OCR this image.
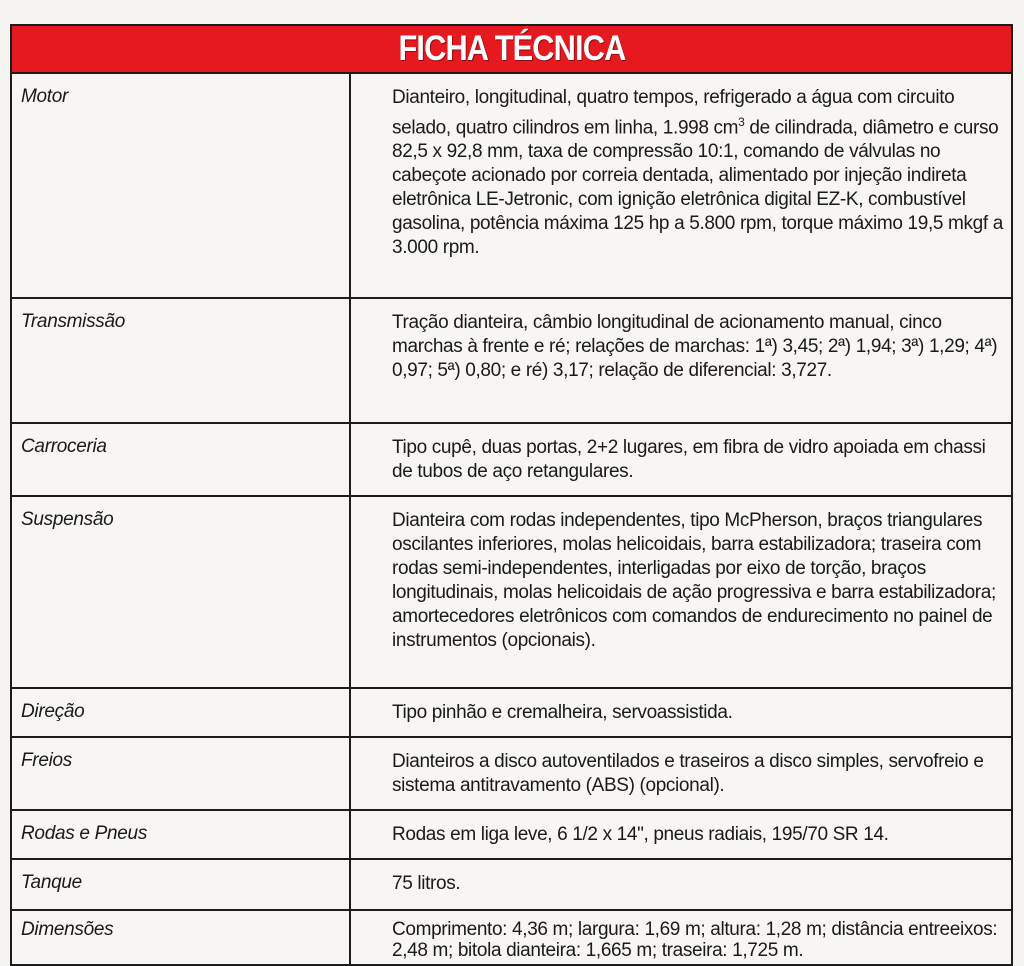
FICHA TÉCNICA
Motor	Dianteiro, longitudinal, quatro tempos, refrigerado a água com circuito selado, quatro cilindros em linha, 1.998 $cm^3$ de cilindrada, diâmetro e curso 82,5 x 92,8 mm, taxa de compressão 10:1, comando de válvulas no cabeçote acionado por correia dentada, alimentado por injeção indireta eletrônica LE-Jetronic, com ignição eletrônica digital EZ-K, combustível gasolina, potência máxima 125 hp a 5.800 rpm, torque máximo 19,5 mkgf a 3.000 rpm.
Transmissão	Tração dianteira, câmbio longitudinal de acionamento manual, cinco marchas à frente e ré; relações de marchas: 1ª) 3,45; 2ª) 1,94; 3ª) 1,29; 4ª) 0,97; 5ª) 0,80; e ré) 3,17; relação de diferencial: 3,727.
Carroceria	Tipo cupê, duas portas, 2+2 lugares, em fibra de vidro apoiada em chassi de tubos de aço retangulares.
Suspensão	Dianteira com rodas independentes, tipo McPherson, braços triangulares oscilantes inferiores, molas helicoidais, barra estabilizadora; traseira com rodas semi-independentes, interligadas por eixo de torção, braços longitudinais, molas helicoidais de ação progressiva e barra estabilizadora; amortecedores eletrônicos com comandos de endurecimento no painel de instrumentos (opcionais).
Direção	Tipo pinhão e cremalheira, servoassistida.
Freios	Dianteiros a disco autoventilados e traseiros a disco simples, servofreio e sistema antitravamento (ABS) (opcional).
Rodas e Pneus	Rodas em liga leve, 6 1/2 x 14", pneus radiais, 195/70 SR 14.
Tanque	75 litros.
Dimensões	Comprimento: 4,36 m; largura: 1,69 m; altura: 1,28 m; distância entreeixos: 2,48 m; bitola dianteira: 1,665 m; traseira: 1,725 m.
